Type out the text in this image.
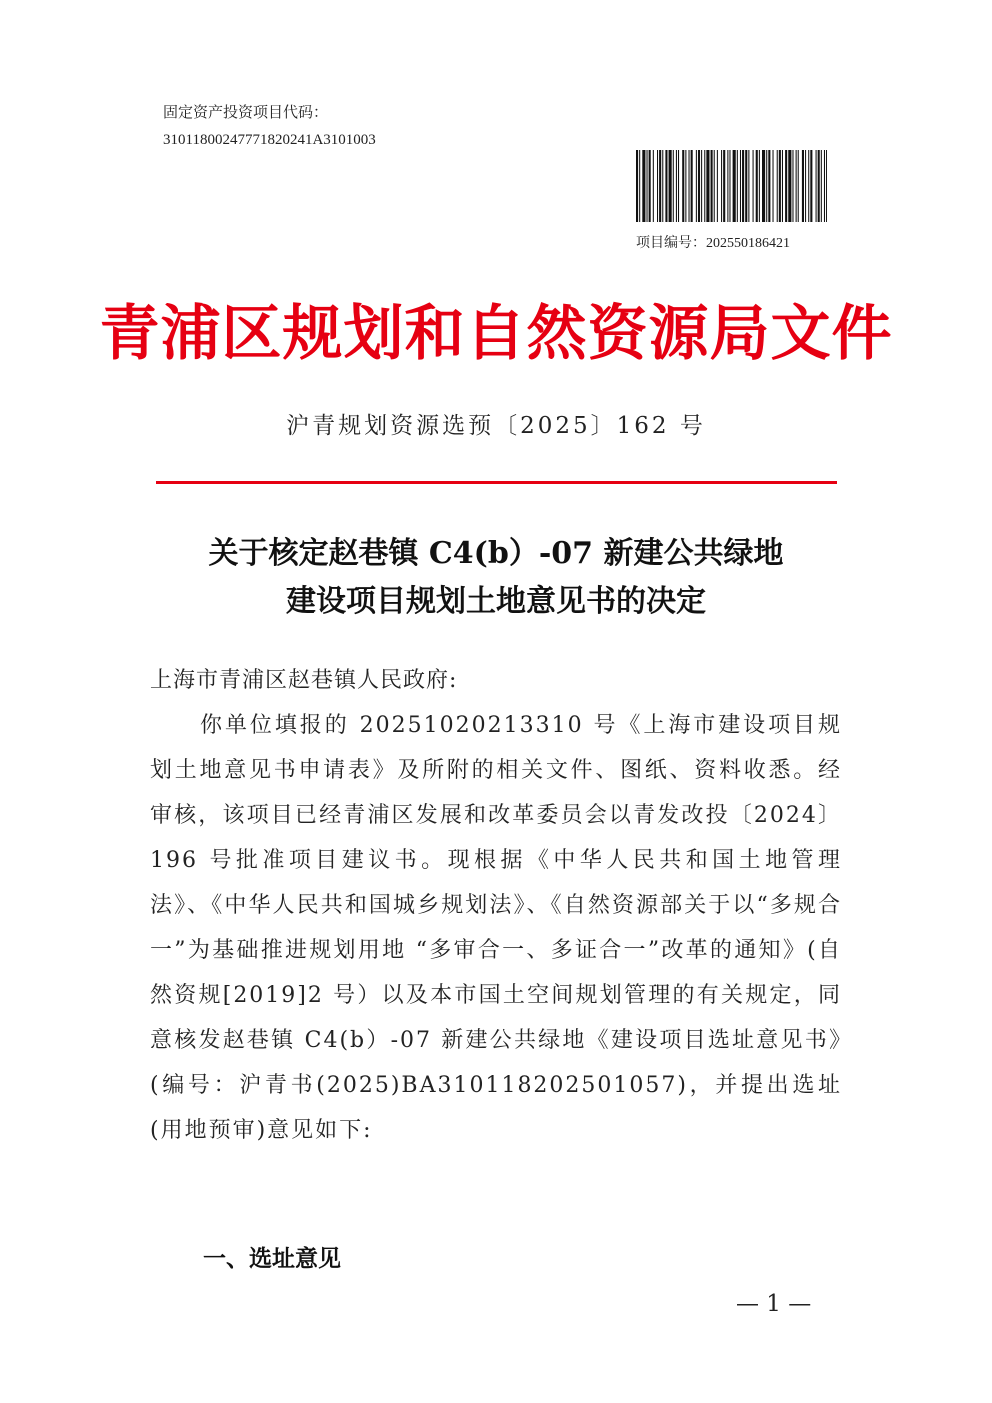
固定资产投资项目代码：
31011800247771820241A3101003
项目编号：202550186421
青浦区规划和自然资源局文件
沪青规划资源选预〔2025〕162 号
关于核定赵巷镇 C4(b）-07 新建公共绿地
建设项目规划土地意见书的决定
上海市青浦区赵巷镇人民政府:
你单位填报的 20251020213310 号《上海市建设项目规划土地意见书申请表》及所附的相关文件、图纸、资料收悉。经审核，该项目已经青浦区发展和改革委员会以青发改投〔2024〕196 号批准项目建议书。现根据《中华人民共和国土地管理法》、《中华人民共和国城乡规划法》、《自然资源部关于以“多规合一”为基础推进规划用地 “多审合一、多证合一”改革的通知》(自然资规[2019]2 号）以及本市国土空间规划管理的有关规定，同意核发赵巷镇 C4(b）-07 新建公共绿地《建设项目选址意见书》(编号：沪青书(2025)BA310118202501057)，并提出选址(用地预审)意见如下:
一、选址意见
— 1 —
